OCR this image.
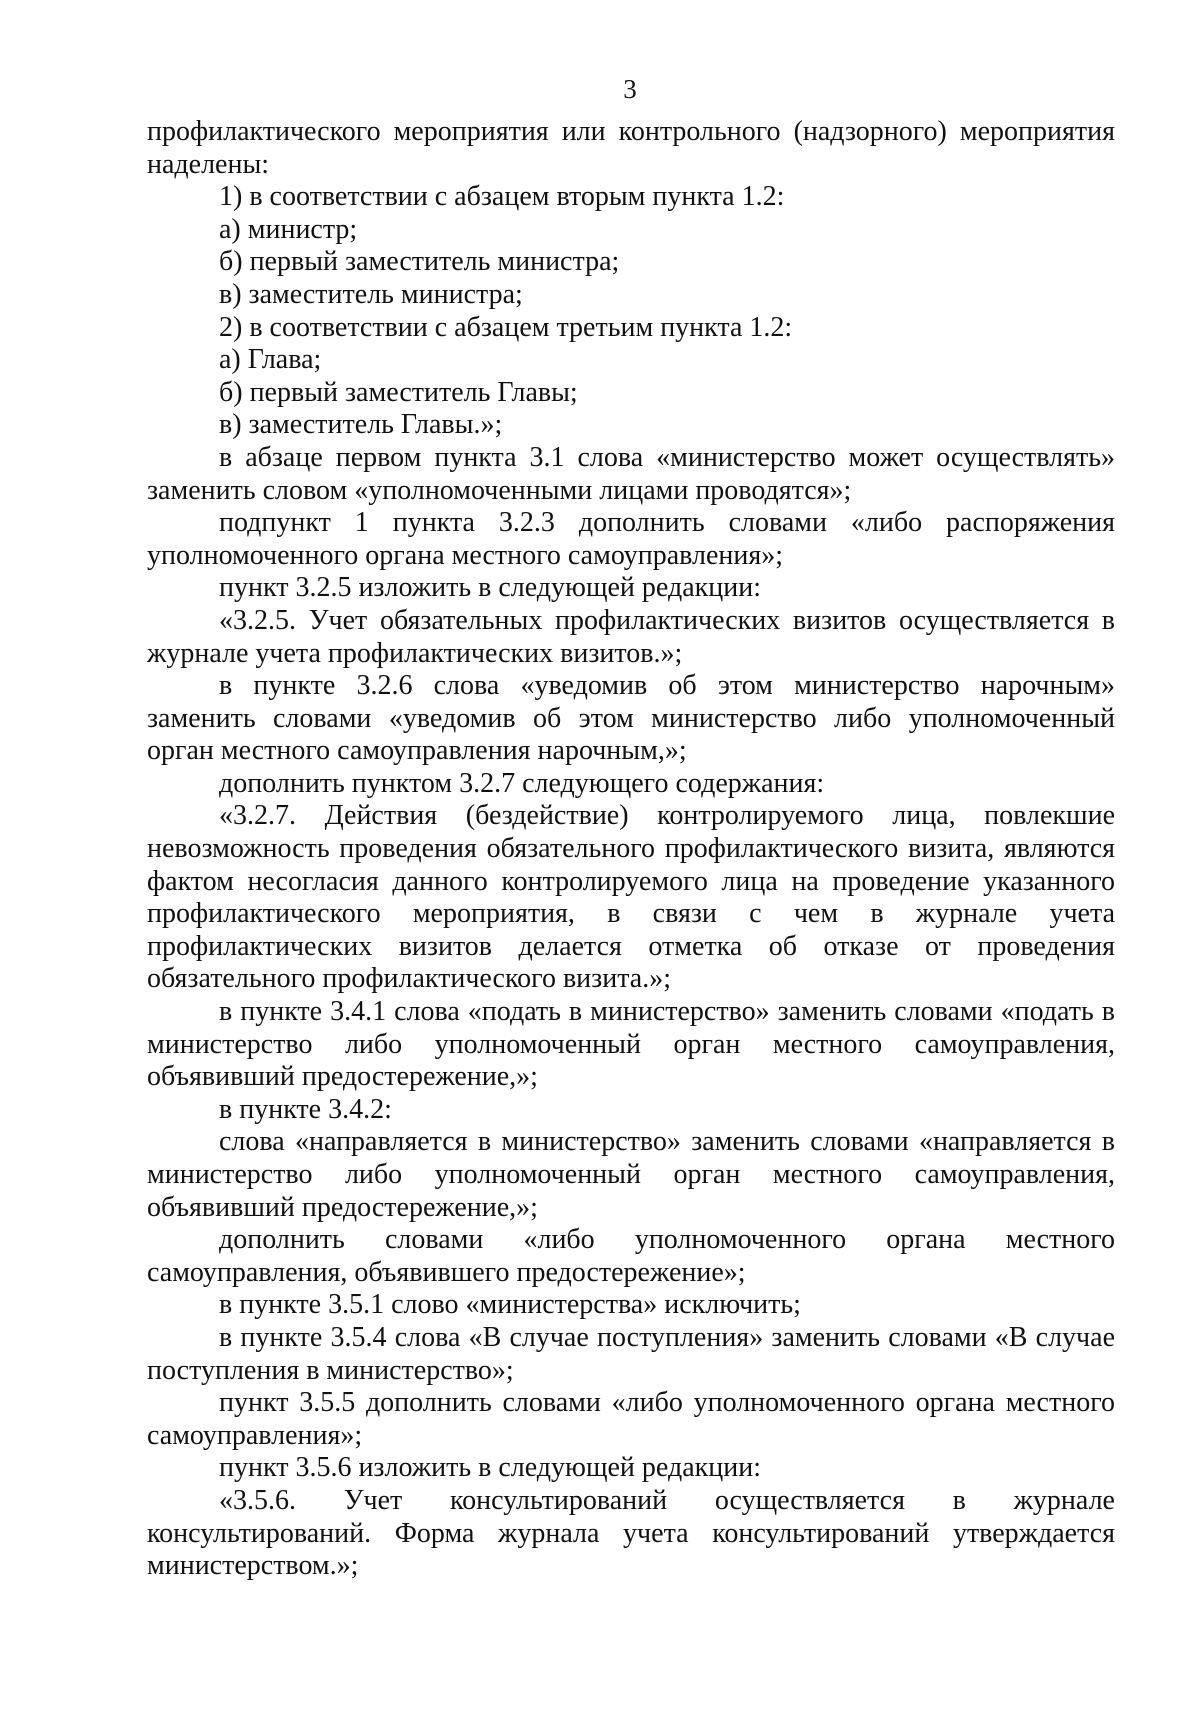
3

профилактического мероприятия или контрольного (надзорного) мероприятия наделены:

1) в соответствии с абзацем вторым пункта 1.2:

а) министр;

б) первый заместитель министра;

в) заместитель министра;

2) в соответствии с абзацем третьим пункта 1.2:

а) Глава;

б) первый заместитель Главы;

в) заместитель Главы.»;

в абзаце первом пункта 3.1 слова «министерство может осуществлять» заменить словом «уполномоченными лицами проводятся»;

подпункт 1 пункта 3.2.3 дополнить словами «либо распоряжения уполномоченного органа местного самоуправления»;

пункт 3.2.5 изложить в следующей редакции:

«3.2.5. Учет обязательных профилактических визитов осуществляется в журнале учета профилактических визитов.»;

в пункте 3.2.6 слова «уведомив об этом министерство нарочным» заменить словами «уведомив об этом министерство либо уполномоченный орган местного самоуправления нарочным,»;

дополнить пунктом 3.2.7 следующего содержания:

«3.2.7. Действия (бездействие) контролируемого лица, повлекшие невозможность проведения обязательного профилактического визита, являются фактом несогласия данного контролируемого лица на проведение указанного профилактического мероприятия, в связи с чем в журнале учета профилактических визитов делается отметка об отказе от проведения обязательного профилактического визита.»;

в пункте 3.4.1 слова «подать в министерство» заменить словами «подать в министерство либо уполномоченный орган местного самоуправления, объявивший предостережение,»;

в пункте 3.4.2:

слова «направляется в министерство» заменить словами «направляется в министерство либо уполномоченный орган местного самоуправления, объявивший предостережение,»;

дополнить словами «либо уполномоченного органа местного самоуправления, объявившего предостережение»;

в пункте 3.5.1 слово «министерства» исключить;

в пункте 3.5.4 слова «В случае поступления» заменить словами «В случае поступления в министерство»;

пункт 3.5.5 дополнить словами «либо уполномоченного органа местного самоуправления»;

пункт 3.5.6 изложить в следующей редакции:

«3.5.6. Учет консультирований осуществляется в журнале консультирований. Форма журнала учета консультирований утверждается министерством.»;
